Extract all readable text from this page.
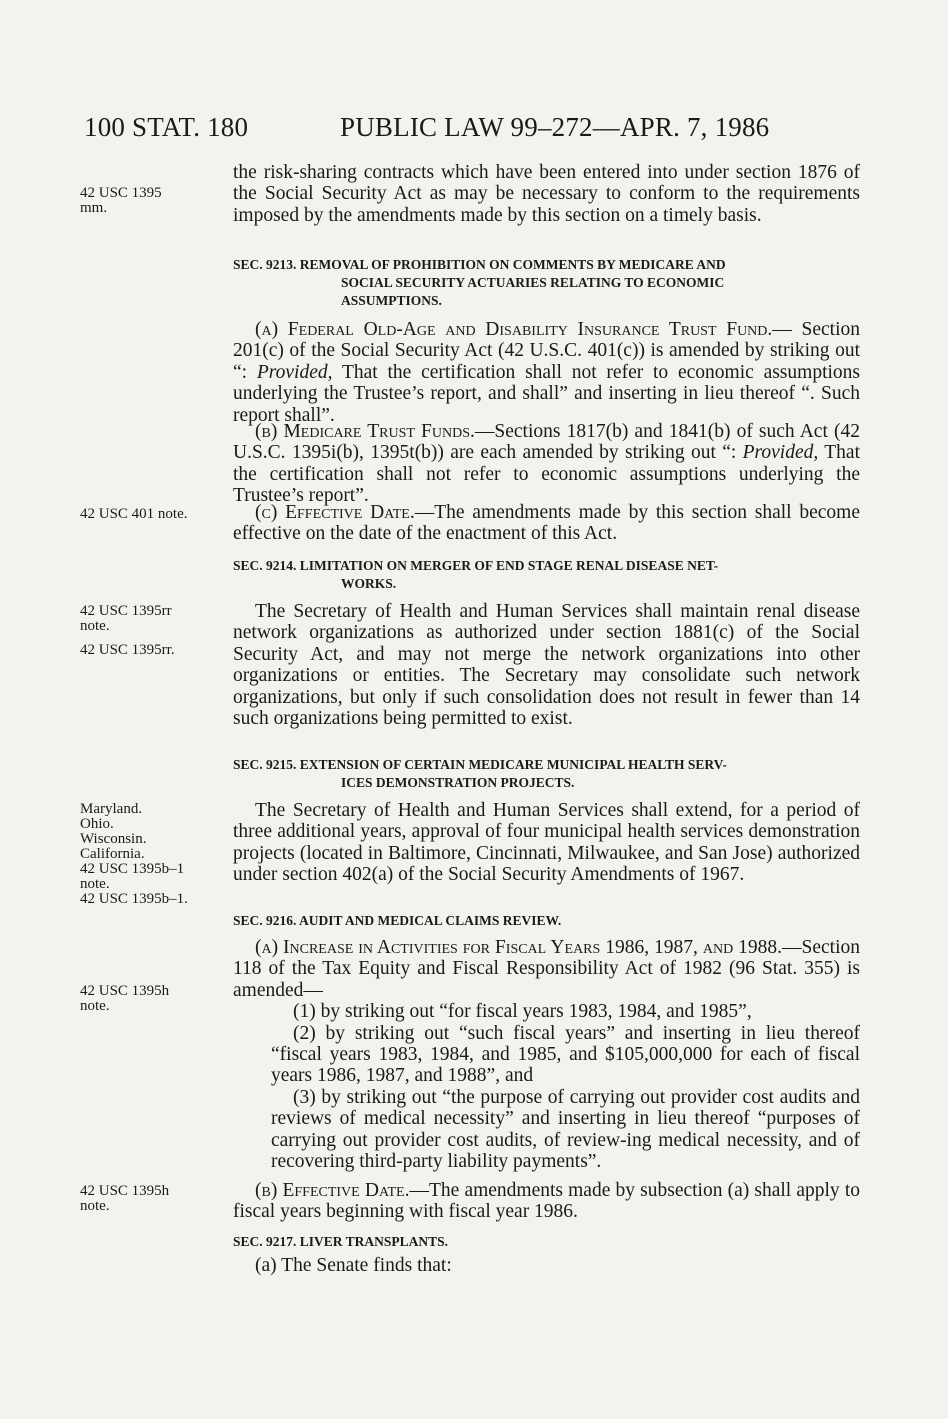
100 STAT. 180	PUBLIC LAW 99–272—APR. 7, 1986
42 USC 1395
mm.
42 USC 401 note.
42 USC 1395rr
note.
42 USC 1395rr.
Maryland.
Ohio.
Wisconsin.
California.
42 USC 1395b–1
note.
42 USC 1395b–1.
42 USC 1395h
note.
42 USC 1395h
note.

the risk-sharing contracts which have been entered into under section 1876 of the Social Security Act as may be necessary to conform to the requirements imposed by the amendments made by this section on a timely basis.

SEC. 9213. REMOVAL OF PROHIBITION ON COMMENTS BY MEDICARE AND
SOCIAL SECURITY ACTUARIES RELATING TO ECONOMIC
ASSUMPTIONS.

(a) Federal Old-Age and Disability Insurance Trust Fund.— Section 201(c) of the Social Security Act (42 U.S.C. 401(c)) is amended by striking out “: Provided, That the certification shall not refer to economic assumptions underlying the Trustee’s report, and shall” and inserting in lieu thereof “. Such report shall”.

(b) Medicare Trust Funds.—Sections 1817(b) and 1841(b) of such Act (42 U.S.C. 1395i(b), 1395t(b)) are each amended by striking out “: Provided, That the certification shall not refer to economic assumptions underlying the Trustee’s report”.

(c) Effective Date.—The amendments made by this section shall become effective on the date of the enactment of this Act.

SEC. 9214. LIMITATION ON MERGER OF END STAGE RENAL DISEASE NET-
WORKS.

The Secretary of Health and Human Services shall maintain renal disease network organizations as authorized under section 1881(c) of the Social Security Act, and may not merge the network organizations into other organizations or entities. The Secretary may consolidate such network organizations, but only if such consolidation does not result in fewer than 14 such organizations being permitted to exist.

SEC. 9215. EXTENSION OF CERTAIN MEDICARE MUNICIPAL HEALTH SERV-
ICES DEMONSTRATION PROJECTS.

The Secretary of Health and Human Services shall extend, for a period of three additional years, approval of four municipal health services demonstration projects (located in Baltimore, Cincinnati, Milwaukee, and San Jose) authorized under section 402(a) of the Social Security Amendments of 1967.

SEC. 9216. AUDIT AND MEDICAL CLAIMS REVIEW.

(a) Increase in Activities for Fiscal Years 1986, 1987, and 1988.—Section 118 of the Tax Equity and Fiscal Responsibility Act of 1982 (96 Stat. 355) is amended—

(1) by striking out “for fiscal years 1983, 1984, and 1985”,

(2) by striking out “such fiscal years” and inserting in lieu thereof “fiscal years 1983, 1984, and 1985, and $105,000,000 for each of fiscal years 1986, 1987, and 1988”, and

(3) by striking out “the purpose of carrying out provider cost audits and reviews of medical necessity” and inserting in lieu thereof “purposes of carrying out provider cost audits, of review-ing medical necessity, and of recovering third-party liability payments”.

(b) Effective Date.—The amendments made by subsection (a) shall apply to fiscal years beginning with fiscal year 1986.

SEC. 9217. LIVER TRANSPLANTS.

(a) The Senate finds that:
